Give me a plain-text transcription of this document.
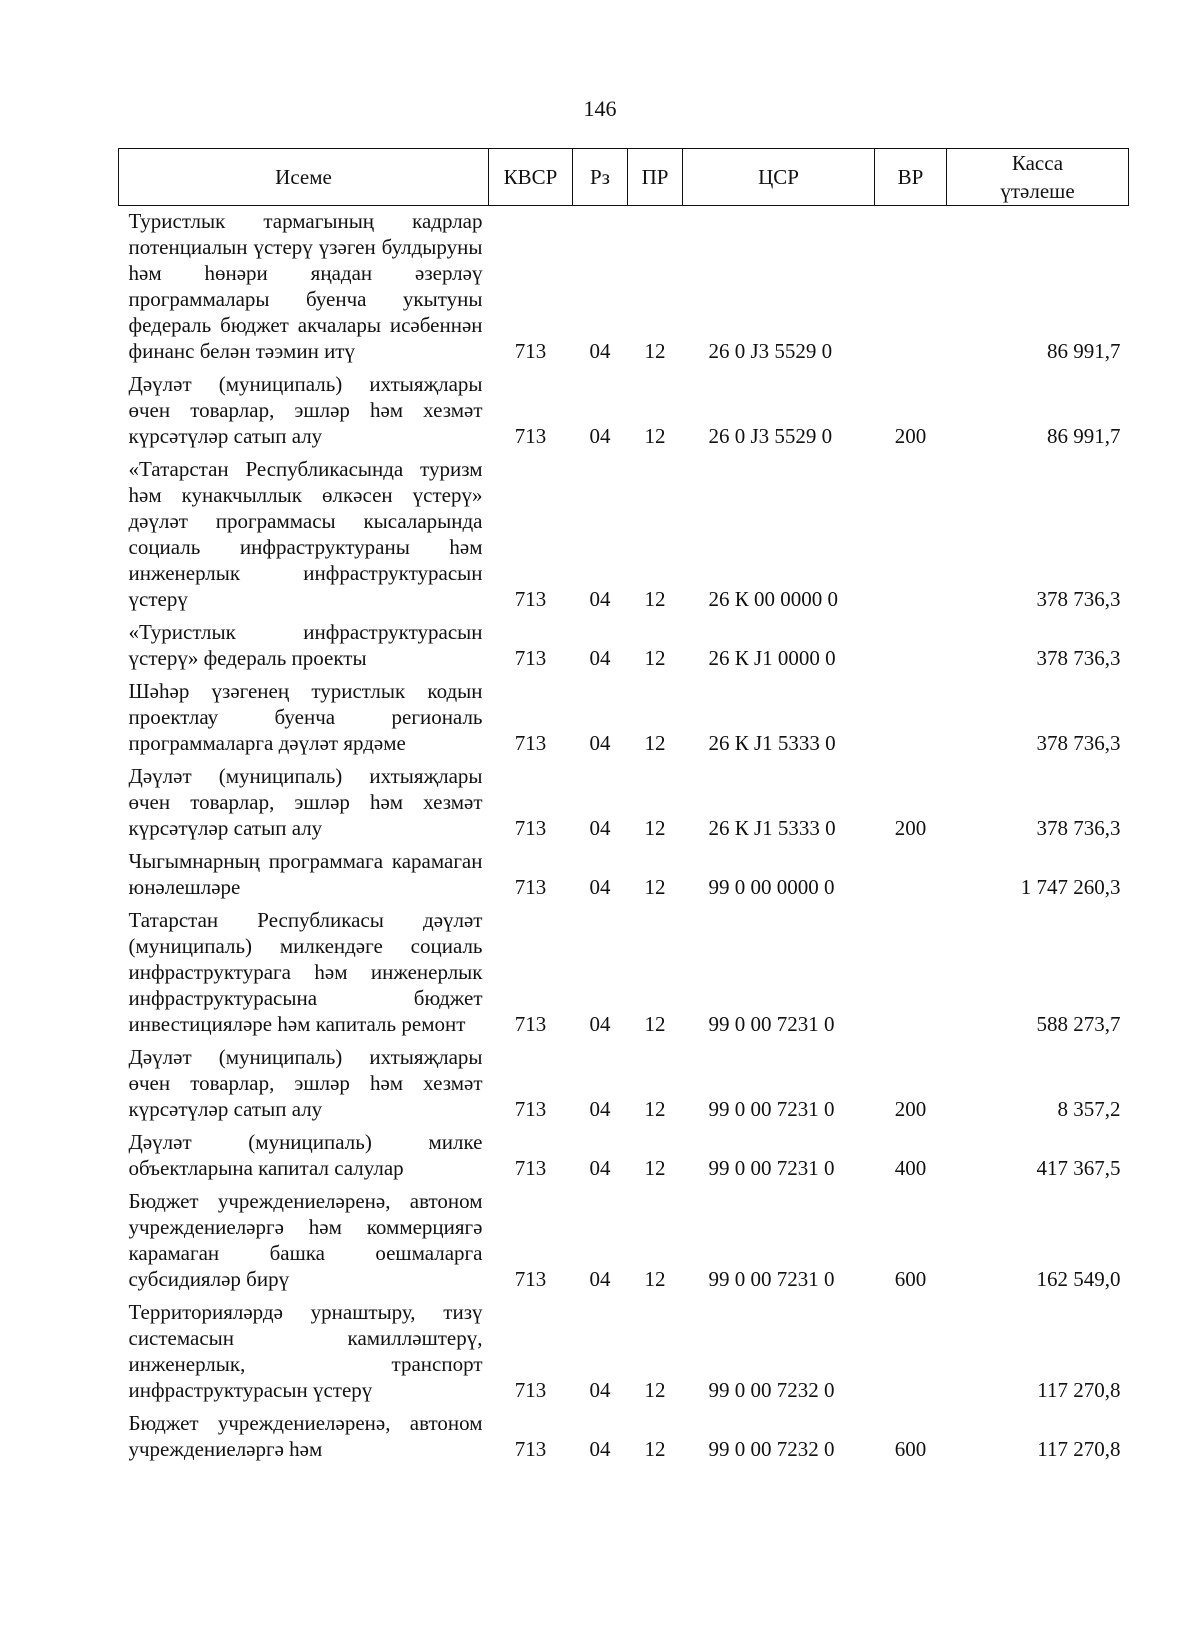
146
Исеме	КВСР	Рз	ПР	ЦСР	ВР	Касса
үтәлеше

Туристлык тармагының кадрлар потенциалын үстерү үзәген булдыруны һәм һөнәри яңадан әзерләү программалары буенча укытуны федераль бюджет акчалары исәбеннән финанс белән тәэмин итү	713	04	12	26 0 J3 5529 0		86 991,7
Дәүләт (муниципаль) ихтыяҗлары өчен товарлар, эшләр һәм хезмәт күрсәтүләр сатып алу	713	04	12	26 0 J3 5529 0	200	86 991,7
«Татарстан Республикасында туризм һәм кунакчыллык өлкәсен үстерү» дәүләт программасы кысаларында социаль инфраструктураны һәм инженерлык инфраструктурасын үстерү	713	04	12	26 К 00 0000 0		378 736,3
«Туристлык инфраструктурасын үстерү» федераль проекты	713	04	12	26 К J1 0000 0		378 736,3
Шәһәр үзәгенең туристлык кодын проектлау буенча региональ программаларга дәүләт ярдәме	713	04	12	26 К J1 5333 0		378 736,3
Дәүләт (муниципаль) ихтыяҗлары өчен товарлар, эшләр һәм хезмәт күрсәтүләр сатып алу	713	04	12	26 К J1 5333 0	200	378 736,3
Чыгымнарның программага карамаган юнәлешләре	713	04	12	99 0 00 0000 0		1 747 260,3
Татарстан Республикасы дәүләт (муниципаль) милкендәге социаль инфраструктурага һәм инженерлык инфраструктурасына бюджет инвестицияләре һәм капиталь ремонт	713	04	12	99 0 00 7231 0		588 273,7
Дәүләт (муниципаль) ихтыяҗлары өчен товарлар, эшләр һәм хезмәт күрсәтүләр сатып алу	713	04	12	99 0 00 7231 0	200	8 357,2
Дәүләт (муниципаль) милке объектларына капитал салулар	713	04	12	99 0 00 7231 0	400	417 367,5
Бюджет учреждениеләренә, автоном учреждениеләргә һәм коммерциягә карамаган башка оешмаларга субсидияләр бирү	713	04	12	99 0 00 7231 0	600	162 549,0
Территорияләрдә урнаштыру, тизү системасын камилләштерү, инженерлык, транспорт инфраструктурасын үстерү	713	04	12	99 0 00 7232 0		117 270,8
Бюджет учреждениеләренә, автоном учреждениеләргә һәм	713	04	12	99 0 00 7232 0	600	117 270,8
